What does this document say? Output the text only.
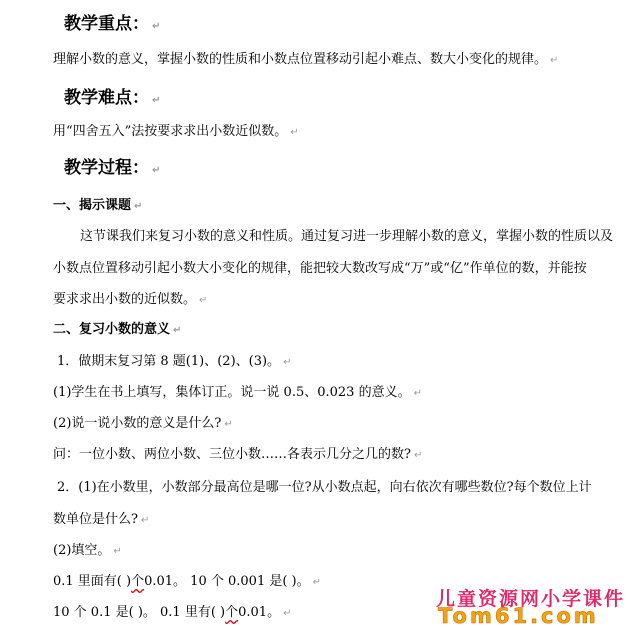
教学重点： ↵
理解小数的意义，掌握小数的性质和小数点位置移动引起小难点、数大小变化的规律。 ↵
教学难点： ↵
用“四舍五入”法按要求求出小数近似数。 ↵
教学过程： ↵
一、揭示课题 ↵
这节课我们来复习小数的意义和性质。通过复习进一步理解小数的意义，掌握小数的性质以及
小数点位置移动引起小数大小变化的规律，能把较大数改写成“万”或“亿”作单位的数，并能按
要求求出小数的近似数。 ↵
二、复习小数的意义 ↵
1．做期末复习第 8 题(1)、(2)、(3)。 ↵
(1)学生在书上填写，集体订正。说一说 0.5、0.023 的意义。 ↵
(2)说一说小数的意义是什么? ↵
问：一位小数、两位小数、三位小数……各表示几分之几的数? ↵
2．(1)在小数里，小数部分最高位是哪一位?从小数点起，向右依次有哪些数位?每个数位上计
数单位是什么? ↵
(2)填空。 ↵
0.1 里面有( )个0.01。 10 个 0.001 是( )。 ↵
10 个 0.1 是( )。 0.1 里有( )个0.01。 ↵
儿童资源网小学课件
Tom61.com
